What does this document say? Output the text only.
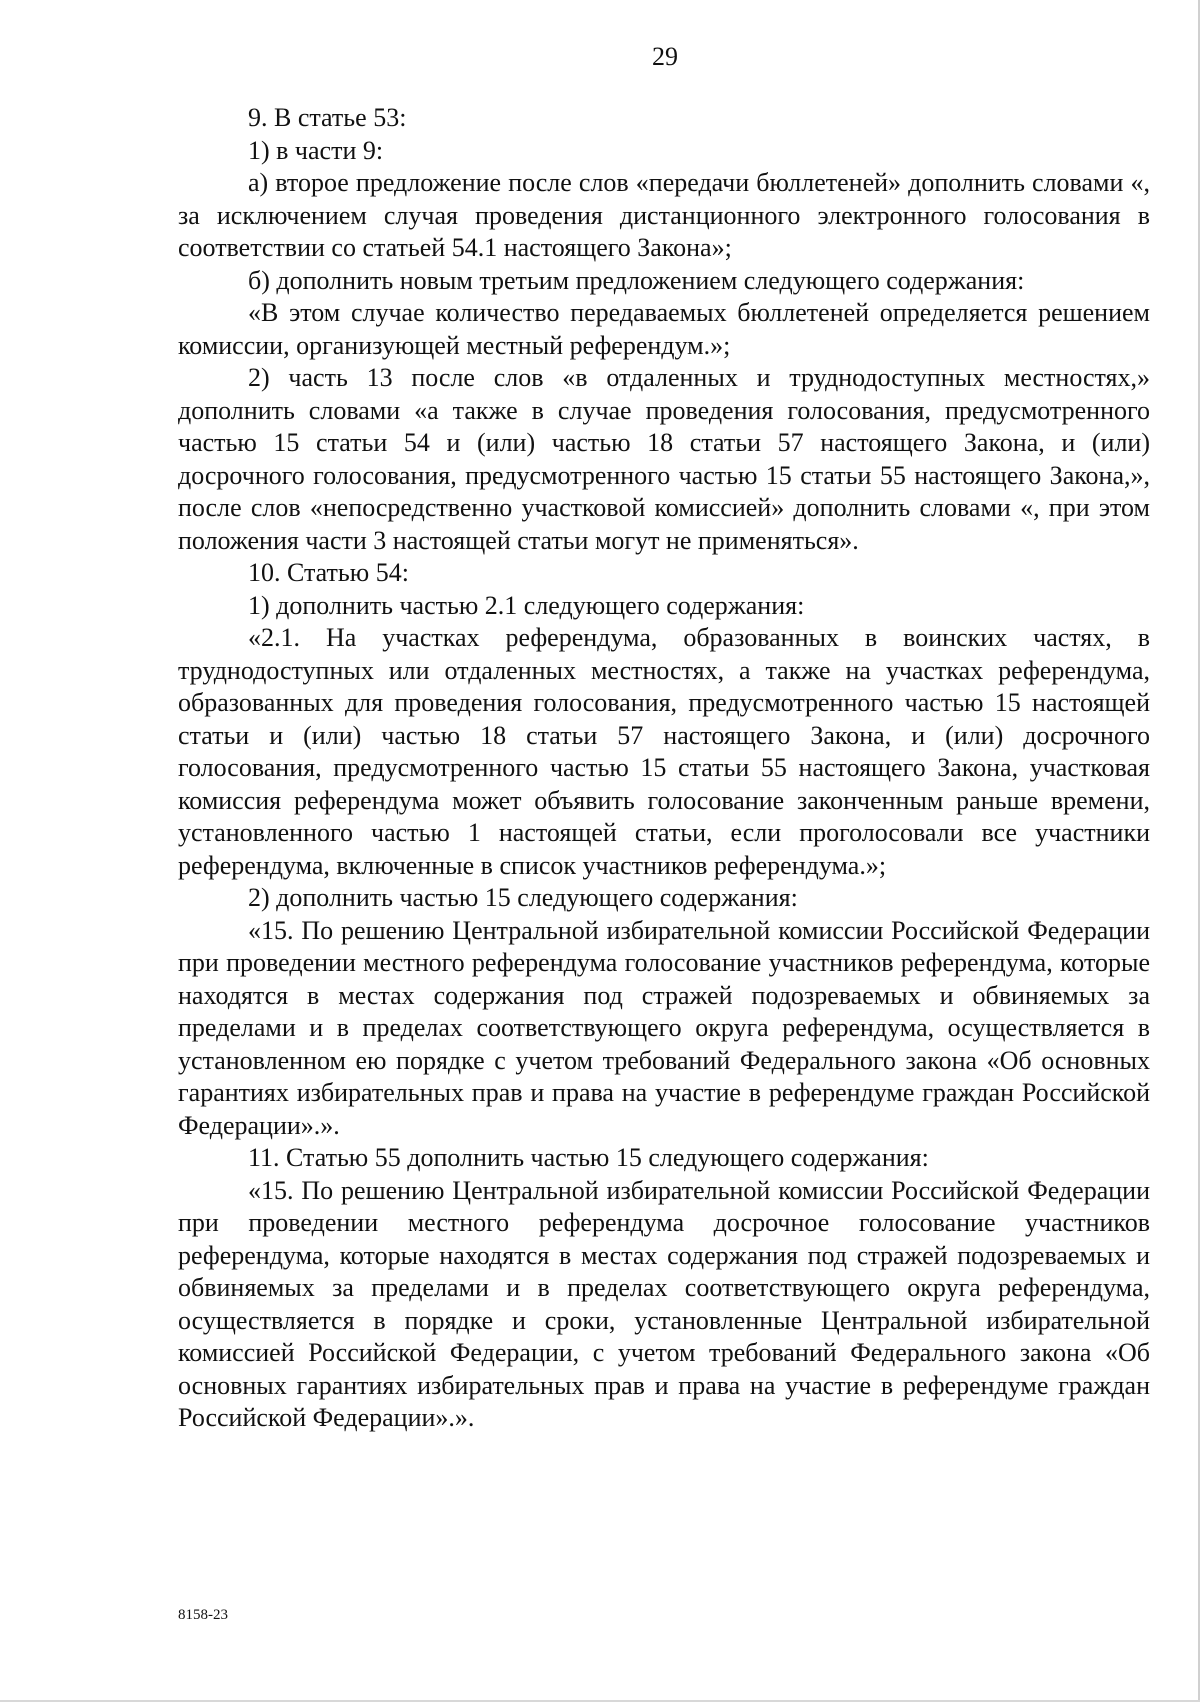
29

9. В статье 53:

1) в части 9:

а) второе предложение после слов «передачи бюллетеней» дополнить словами «, за исключением случая проведения дистанционного электронного голосования в соответствии со статьей 54.1 настоящего Закона»;

б) дополнить новым третьим предложением следующего содержания:

«В этом случае количество передаваемых бюллетеней определяется решением комиссии, организующей местный референдум.»;

2) часть 13 после слов «в отдаленных и труднодоступных местностях,» дополнить словами «а также в случае проведения голосования, предусмотренного частью 15 статьи 54 и (или) частью 18 статьи 57 настоящего Закона, и (или) досрочного голосования, предусмотренного частью 15 статьи 55 настоящего Закона,», после слов «непосредственно участковой комиссией» дополнить словами «, при этом положения части 3 настоящей статьи могут не применяться».

10. Статью 54:

1) дополнить частью 2.1 следующего содержания:

«2.1. На участках референдума, образованных в воинских частях, в труднодоступных или отдаленных местностях, а также на участках референдума, образованных для проведения голосования, предусмотренного частью 15 настоящей статьи и (или) частью 18 статьи 57 настоящего Закона, и (или) досрочного голосования, предусмотренного частью 15 статьи 55 настоящего Закона, участковая комиссия референдума может объявить голосование законченным раньше времени, установленного частью 1 настоящей статьи, если проголосовали все участники референдума, включенные в список участников референдума.»;

2) дополнить частью 15 следующего содержания:

«15. По решению Центральной избирательной комиссии Российской Федерации при проведении местного референдума голосование участников референдума, которые находятся в местах содержания под стражей подозреваемых и обвиняемых за пределами и в пределах соответствующего округа референдума, осуществляется в установленном ею порядке с учетом требований Федерального закона «Об основных гарантиях избирательных прав и права на участие в референдуме граждан Российской Федерации».».

11. Статью 55 дополнить частью 15 следующего содержания:

«15. По решению Центральной избирательной комиссии Российской Федерации при проведении местного референдума досрочное голосование участников референдума, которые находятся в местах содержания под стражей подозреваемых и обвиняемых за пределами и в пределах соответствующего округа референдума, осуществляется в порядке и сроки, установленные Центральной избирательной комиссией Российской Федерации, с учетом требований Федерального закона «Об основных гарантиях избирательных прав и права на участие в референдуме граждан Российской Федерации».».

8158-23
